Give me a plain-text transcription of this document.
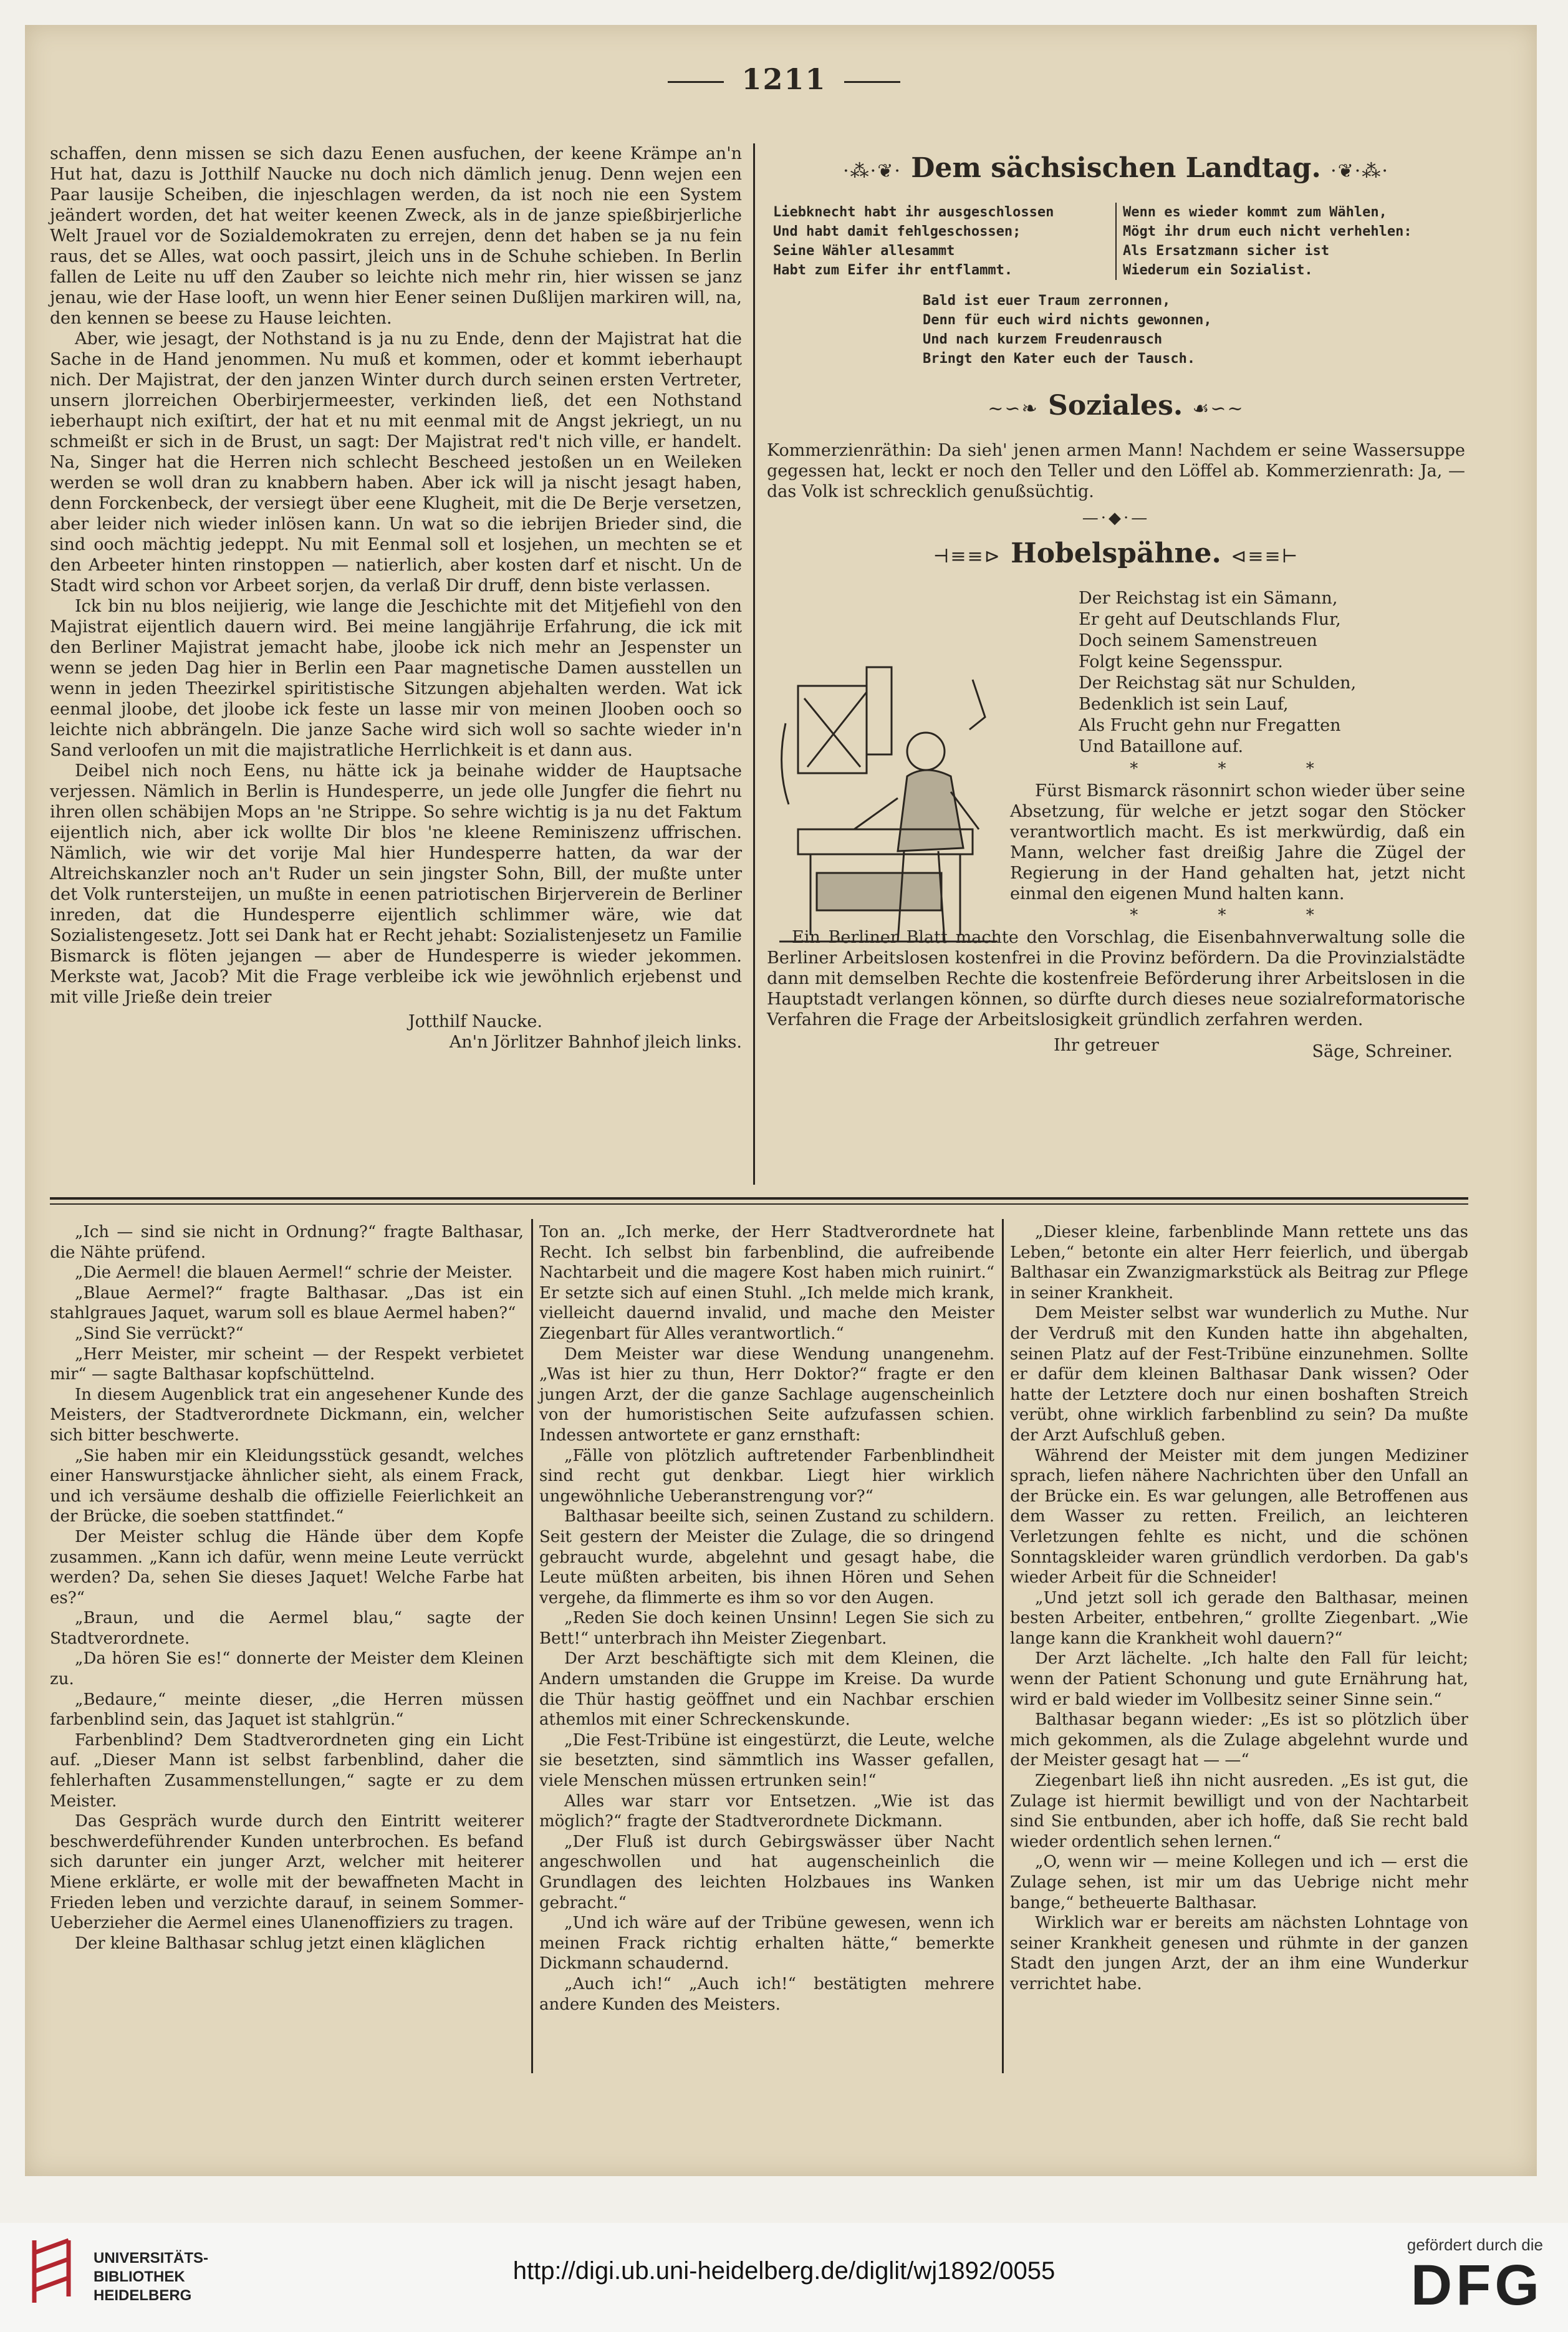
1211

schaffen, denn missen se sich dazu Eenen ausfuchen, der keene Krämpe an'n Hut hat, dazu is Jotthilf Naucke nu doch nich dämlich jenug. Denn wejen een Paar lausije Scheiben, die injeschlagen werden, da ist noch nie een System jeändert worden, det hat weiter keenen Zweck, als in de janze spießbirjerliche Welt Jrauel vor de Sozialdemokraten zu errejen, denn det haben se ja nu fein raus, det se Alles, wat ooch passirt, jleich uns in de Schuhe schieben. In Berlin fallen de Leite nu uff den Zauber so leichte nich mehr rin, hier wissen se janz jenau, wie der Hase looft, un wenn hier Eener seinen Dußlijen markiren will, na, den kennen se beese zu Hause leichten.

Aber, wie jesagt, der Nothstand is ja nu zu Ende, denn der Majistrat hat die Sache in de Hand jenommen. Nu muß et kommen, oder et kommt ieberhaupt nich. Der Majistrat, der den janzen Winter durch durch seinen ersten Vertreter, unsern jlorreichen Oberbirjermeester, verkinden ließ, det een Nothstand ieberhaupt nich exiſtirt, der hat et nu mit eenmal mit de Angst jekriegt, un nu schmeißt er sich in de Brust, un sagt: Der Majistrat red't nich ville, er handelt. Na, Singer hat die Herren nich schlecht Bescheed jestoßen un en Weileken werden se woll dran zu knabbern haben. Aber ick will ja nischt jesagt haben, denn Forckenbeck, der versiegt über eene Klugheit, mit die De Berje versetzen, aber leider nich wieder inlösen kann. Un wat so die iebrijen Brieder sind, die sind ooch mächtig jedeppt. Nu mit Eenmal soll et losjehen, un mechten se et den Arbeeter hinten rinstoppen — natierlich, aber kosten darf et nischt. Un de Stadt wird schon vor Arbeet sorjen, da verlaß Dir druff, denn biste verlassen.

Ick bin nu blos neijierig, wie lange die Jeschichte mit det Mitjefiehl von den Majistrat eijentlich dauern wird. Bei meine langjährije Erfahrung, die ick mit den Berliner Majistrat jemacht habe, jloobe ick nich mehr an Jespenster un wenn se jeden Dag hier in Berlin een Paar magnetische Damen ausstellen un wenn in jeden Theezirkel spiritistische Sitzungen abjehalten werden. Wat ick eenmal jloobe, det jloobe ick feste un lasse mir von meinen Jlooben ooch so leichte nich abbrängeln. Die janze Sache wird sich woll so sachte wieder in'n Sand verloofen un mit die majistratliche Herrlichkeit is et dann aus.

Deibel nich noch Eens, nu hätte ick ja beinahe widder de Hauptsache verjessen. Nämlich in Berlin is Hundesperre, un jede olle Jungfer die fiehrt nu ihren ollen schäbijen Mops an 'ne Strippe. So sehre wichtig is ja nu det Faktum eijentlich nich, aber ick wollte Dir blos 'ne kleene Reminiszenz uffrischen. Nämlich, wie wir det vorije Mal hier Hundesperre hatten, da war der Altreichskanzler noch an't Ruder un sein jingster Sohn, Bill, der mußte unter det Volk runtersteijen, un mußte in eenen patriotischen Birjerverein de Berliner inreden, dat die Hundesperre eijentlich schlimmer wäre, wie dat Sozialistengesetz. Jott sei Dank hat er Recht jehabt: Sozialistenjesetz un Familie Bismarck is flöten jejangen — aber de Hundesperre is wieder jekommen. Merkste wat, Jacob? Mit die Frage verbleibe ick wie jewöhnlich erjebenst und mit ville Jrieße dein treier

Jotthilf Naucke.

An'n Jörlitzer Bahnhof jleich links.

·⁂·❦· Dem sächsischen Landtag. ·❦·⁂·
Liebknecht habt ihr ausgeschlossen
Und habt damit fehlgeschossen;
Seine Wähler allesammt
Habt zum Eifer ihr entflammt.
Wenn es wieder kommt zum Wählen,
Mögt ihr drum euch nicht verhehlen:
Als Ersatzmann sicher ist
Wiederum ein Sozialist.
Bald ist euer Traum zerronnen,
Denn für euch wird nichts gewonnen,
Und nach kurzem Freudenrausch
Bringt den Kater euch der Tausch.
~∽❧ Soziales. ☙∽~

Kommerzienräthin: Da sieh' jenen armen Mann! Nachdem er seine Wassersuppe gegessen hat, leckt er noch den Teller und den Löffel ab. Kommerzienrath: Ja, — das Volk ist schrecklich genußsüchtig.

—·◆·—
⊣≡≡⊳ Hobelspähne. ⊲≡≡⊢
Der Reichstag ist ein Sämann,
Er geht auf Deutschlands Flur,
Doch seinem Samenstreuen
Folgt keine Segensspur.
Der Reichstag sät nur Schulden,
Bedenklich ist sein Lauf,
Als Frucht gehn nur Fregatten
Und Bataillone auf.
* * *

Fürst Bismarck räsonnirt schon wieder über seine Absetzung, für welche er jetzt sogar den Stöcker verantwortlich macht. Es ist merkwürdig, daß ein Mann, welcher fast dreißig Jahre die Zügel der Regierung in der Hand gehalten hat, jetzt nicht einmal den eigenen Mund halten kann.

* * *

Ein Berliner Blatt machte den Vorschlag, die Eisenbahnverwaltung solle die Berliner Arbeitslosen kostenfrei in die Provinz befördern. Da die Provinzialstädte dann mit demselben Rechte die kostenfreie Beförderung ihrer Arbeitslosen in die Hauptstadt verlangen können, so dürfte durch dieses neue sozialreformatorische Verfahren die Frage der Arbeitslosigkeit gründlich zerfahren werden.

Ihr getreuer	Säge, Schreiner.

„Ich — sind sie nicht in Ordnung?“ fragte Balthasar, die Nähte prüfend.

„Die Aermel! die blauen Aermel!“ schrie der Meister.

„Blaue Aermel?“ fragte Balthasar. „Das ist ein stahlgraues Jaquet, warum soll es blaue Aermel haben?“

„Sind Sie verrückt?“

„Herr Meister, mir scheint — der Respekt verbietet mir“ — sagte Balthasar kopfschüttelnd.

In diesem Augenblick trat ein angesehener Kunde des Meisters, der Stadtverordnete Dickmann, ein, welcher sich bitter beschwerte.

„Sie haben mir ein Kleidungsstück gesandt, welches einer Hanswurstjacke ähnlicher sieht, als einem Frack, und ich versäume deshalb die offizielle Feierlichkeit an der Brücke, die soeben stattfindet.“

Der Meister schlug die Hände über dem Kopfe zusammen. „Kann ich dafür, wenn meine Leute verrückt werden? Da, sehen Sie dieses Jaquet! Welche Farbe hat es?“

„Braun, und die Aermel blau,“ sagte der Stadtverordnete.

„Da hören Sie es!“ donnerte der Meister dem Kleinen zu.

„Bedaure,“ meinte dieser, „die Herren müssen farbenblind sein, das Jaquet ist stahlgrün.“

Farbenblind? Dem Stadtverordneten ging ein Licht auf. „Dieser Mann ist selbst farbenblind, daher die fehlerhaften Zusammenstellungen,“ sagte er zu dem Meister.

Das Gespräch wurde durch den Eintritt weiterer beschwerdeführender Kunden unterbrochen. Es befand sich darunter ein junger Arzt, welcher mit heiterer Miene erklärte, er wolle mit der bewaffneten Macht in Frieden leben und verzichte darauf, in seinem Sommer-Ueberzieher die Aermel eines Ulanenoffiziers zu tragen.

Der kleine Balthasar schlug jetzt einen kläglichen

Ton an. „Ich merke, der Herr Stadtverordnete hat Recht. Ich selbst bin farbenblind, die aufreibende Nachtarbeit und die magere Kost haben mich ruinirt.“ Er setzte sich auf einen Stuhl. „Ich melde mich krank, vielleicht dauernd invalid, und mache den Meister Ziegenbart für Alles verantwortlich.“

Dem Meister war diese Wendung unangenehm. „Was ist hier zu thun, Herr Doktor?“ fragte er den jungen Arzt, der die ganze Sachlage augenscheinlich von der humoristischen Seite aufzufassen schien. Indessen antwortete er ganz ernsthaft:

„Fälle von plötzlich auftretender Farbenblindheit sind recht gut denkbar. Liegt hier wirklich ungewöhnliche Ueberanstrengung vor?“

Balthasar beeilte sich, seinen Zustand zu schildern. Seit gestern der Meister die Zulage, die so dringend gebraucht wurde, abgelehnt und gesagt habe, die Leute müßten arbeiten, bis ihnen Hören und Sehen vergehe, da flimmerte es ihm so vor den Augen.

„Reden Sie doch keinen Unsinn! Legen Sie sich zu Bett!“ unterbrach ihn Meister Ziegenbart.

Der Arzt beschäftigte sich mit dem Kleinen, die Andern umstanden die Gruppe im Kreise. Da wurde die Thür hastig geöffnet und ein Nachbar erschien athemlos mit einer Schreckenskunde.

„Die Fest-Tribüne ist eingestürzt, die Leute, welche sie besetzten, sind sämmtlich ins Wasser gefallen, viele Menschen müssen ertrunken sein!“

Alles war starr vor Entsetzen. „Wie ist das möglich?“ fragte der Stadtverordnete Dickmann.

„Der Fluß ist durch Gebirgswässer über Nacht angeschwollen und hat augenscheinlich die Grundlagen des leichten Holzbaues ins Wanken gebracht.“

„Und ich wäre auf der Tribüne gewesen, wenn ich meinen Frack richtig erhalten hätte,“ bemerkte Dickmann schaudernd.

„Auch ich!“ „Auch ich!“ bestätigten mehrere andere Kunden des Meisters.

„Dieser kleine, farbenblinde Mann rettete uns das Leben,“ betonte ein alter Herr feierlich, und übergab Balthasar ein Zwanzigmarkstück als Beitrag zur Pflege in seiner Krankheit.

Dem Meister selbst war wunderlich zu Muthe. Nur der Verdruß mit den Kunden hatte ihn abgehalten, seinen Platz auf der Fest-Tribüne einzunehmen. Sollte er dafür dem kleinen Balthasar Dank wissen? Oder hatte der Letztere doch nur einen boshaften Streich verübt, ohne wirklich farbenblind zu sein? Da mußte der Arzt Aufschluß geben.

Während der Meister mit dem jungen Mediziner sprach, liefen nähere Nachrichten über den Unfall an der Brücke ein. Es war gelungen, alle Betroffenen aus dem Wasser zu retten. Freilich, an leichteren Verletzungen fehlte es nicht, und die schönen Sonntagskleider waren gründlich verdorben. Da gab's wieder Arbeit für die Schneider!

„Und jetzt soll ich gerade den Balthasar, meinen besten Arbeiter, entbehren,“ grollte Ziegenbart. „Wie lange kann die Krankheit wohl dauern?“

Der Arzt lächelte. „Ich halte den Fall für leicht; wenn der Patient Schonung und gute Ernährung hat, wird er bald wieder im Vollbesitz seiner Sinne sein.“

Balthasar begann wieder: „Es ist so plötzlich über mich gekommen, als die Zulage abgelehnt wurde und der Meister gesagt hat — —“

Ziegenbart ließ ihn nicht ausreden. „Es ist gut, die Zulage ist hiermit bewilligt und von der Nachtarbeit sind Sie entbunden, aber ich hoffe, daß Sie recht bald wieder ordentlich sehen lernen.“

„O, wenn wir — meine Kollegen und ich — erst die Zulage sehen, ist mir um das Uebrige nicht mehr bange,“ betheuerte Balthasar.

Wirklich war er bereits am nächsten Lohntage von seiner Krankheit genesen und rühmte in der ganzen Stadt den jungen Arzt, der an ihm eine Wunderkur verrichtet habe.

UNIVERSITÄTS-
BIBLIOTHEK
HEIDELBERG
http://digi.ub.uni-heidelberg.de/diglit/wj1892/0055
gefördert durch die
DFG
